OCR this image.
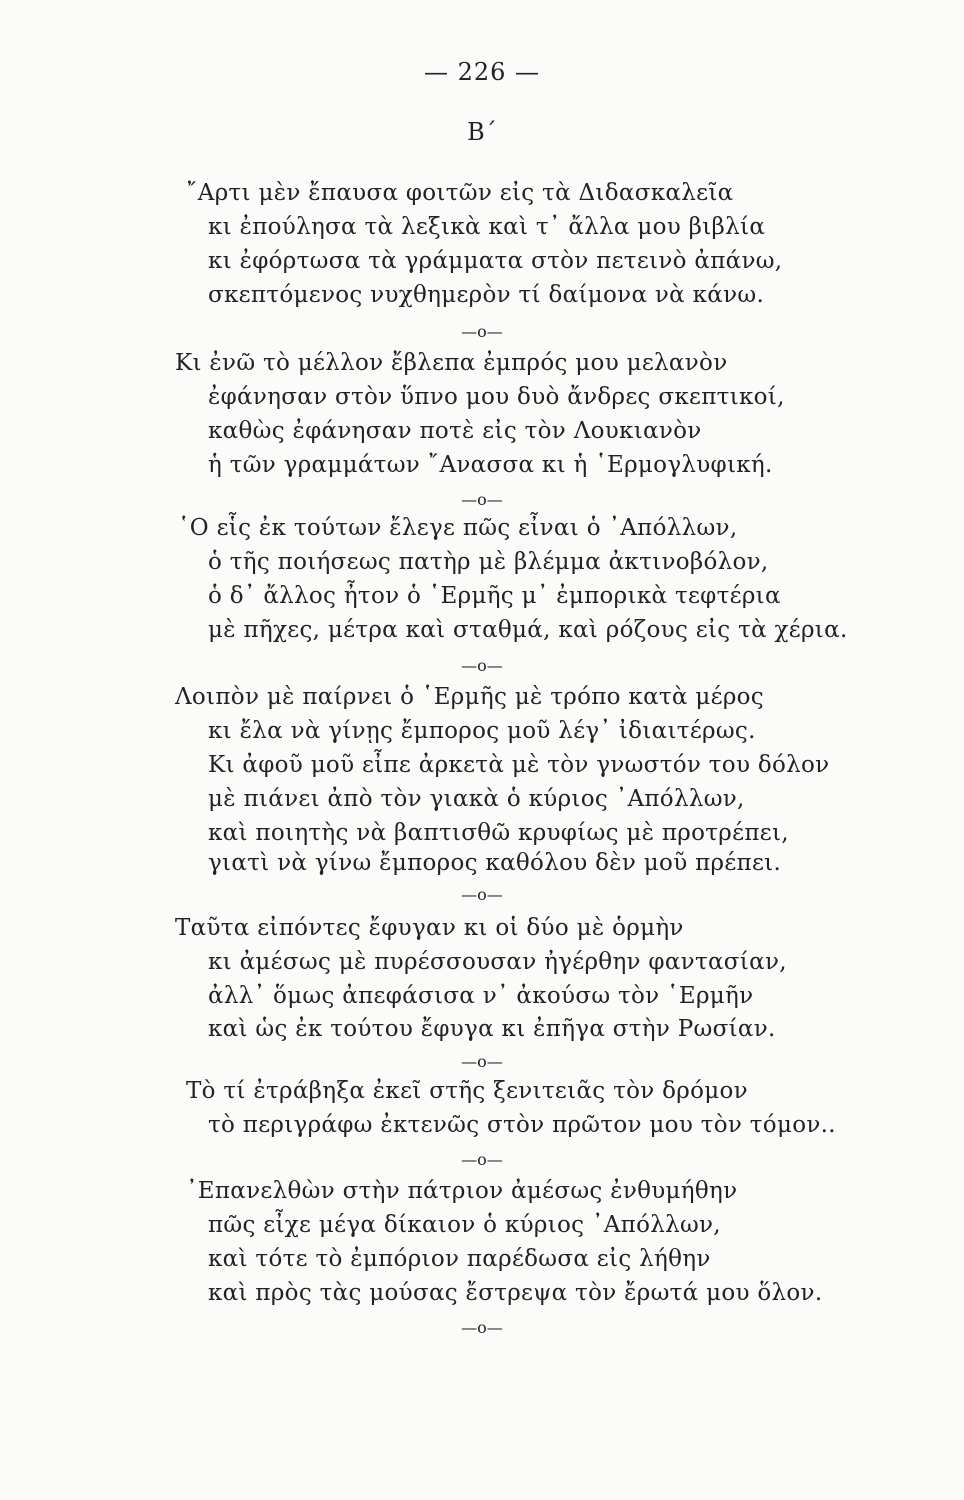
— 226 —
B΄
῎Αρτι μὲν ἔπαυσα φοιτῶν εἰς τὰ Διδασκαλεῖα
κι ἐπούλησα τὰ λεξικὰ καὶ τ᾿ ἄλλα μου βιβλία
κι ἐφόρτωσα τὰ γράμματα στὸν πετεινὸ ἀπάνω,
σκεπτόμενος νυχθημερὸν τί δαίμονα νὰ κάνω.
—o—
Κι ἐνῶ τὸ μέλλον ἔβλεπα ἐμπρός μου μελανὸν
ἐφάνησαν στὸν ὕπνο μου δυὸ ἄνδρες σκεπτικοί,
καθὼς ἐφάνησαν ποτὲ εἰς τὸν Λουκιανὸν
ἡ τῶν γραμμάτων ῎Ανασσα κι ἡ ῾Ερμογλυφική.
—o—
῾Ο εἷς ἐκ τούτων ἔλεγε πῶς εἶναι ὁ ᾿Απόλλων,
ὁ τῆς ποιήσεως πατὴρ μὲ βλέμμα ἀκτινοβόλον,
ὁ δ᾿ ἄλλος ἦτον ὁ ῾Ερμῆς μ᾿ ἐμπορικὰ τεφτέρια
μὲ πῆχες, μέτρα καὶ σταθμά, καὶ ρόζους εἰς τὰ χέρια.
—o—
Λοιπὸν μὲ παίρνει ὁ ῾Ερμῆς μὲ τρόπο κατὰ μέρος
κι ἔλα νὰ γίνῃς ἔμπορος μοῦ λέγ᾿ ἰδιαιτέρως.
Κι ἀφοῦ μοῦ εἶπε ἀρκετὰ μὲ τὸν γνωστόν του δόλον
μὲ πιάνει ἀπὸ τὸν γιακὰ ὁ κύριος ᾿Απόλλων,
καὶ ποιητὴς νὰ βαπτισθῶ κρυφίως μὲ προτρέπει,
γιατὶ νὰ γίνω ἔμπορος καθόλου δὲν μοῦ πρέπει.
—o—
Ταῦτα εἰπόντες ἔφυγαν κι οἱ δύο μὲ ὁρμὴν
κι ἀμέσως μὲ πυρέσσουσαν ἠγέρθην φαντασίαν,
ἀλλ᾿ ὅμως ἀπεφάσισα ν᾿ ἀκούσω τὸν ῾Ερμῆν
καὶ ὡς ἐκ τούτου ἔφυγα κι ἐπῆγα στὴν Ρωσίαν.
—o—
Τὸ τί ἐτράβηξα ἐκεῖ στῆς ξενιτειᾶς τὸν δρόμον
τὸ περιγράφω ἐκτενῶς στὸν πρῶτον μου τὸν τόμον..
—o—
᾿Επανελθὼν στὴν πάτριον ἀμέσως ἐνθυμήθην
πῶς εἶχε μέγα δίκαιον ὁ κύριος ᾿Απόλλων,
καὶ τότε τὸ ἐμπόριον παρέδωσα εἰς λήθην
καὶ πρὸς τὰς μούσας ἔστρεψα τὸν ἔρωτά μου ὅλον.
—o—
